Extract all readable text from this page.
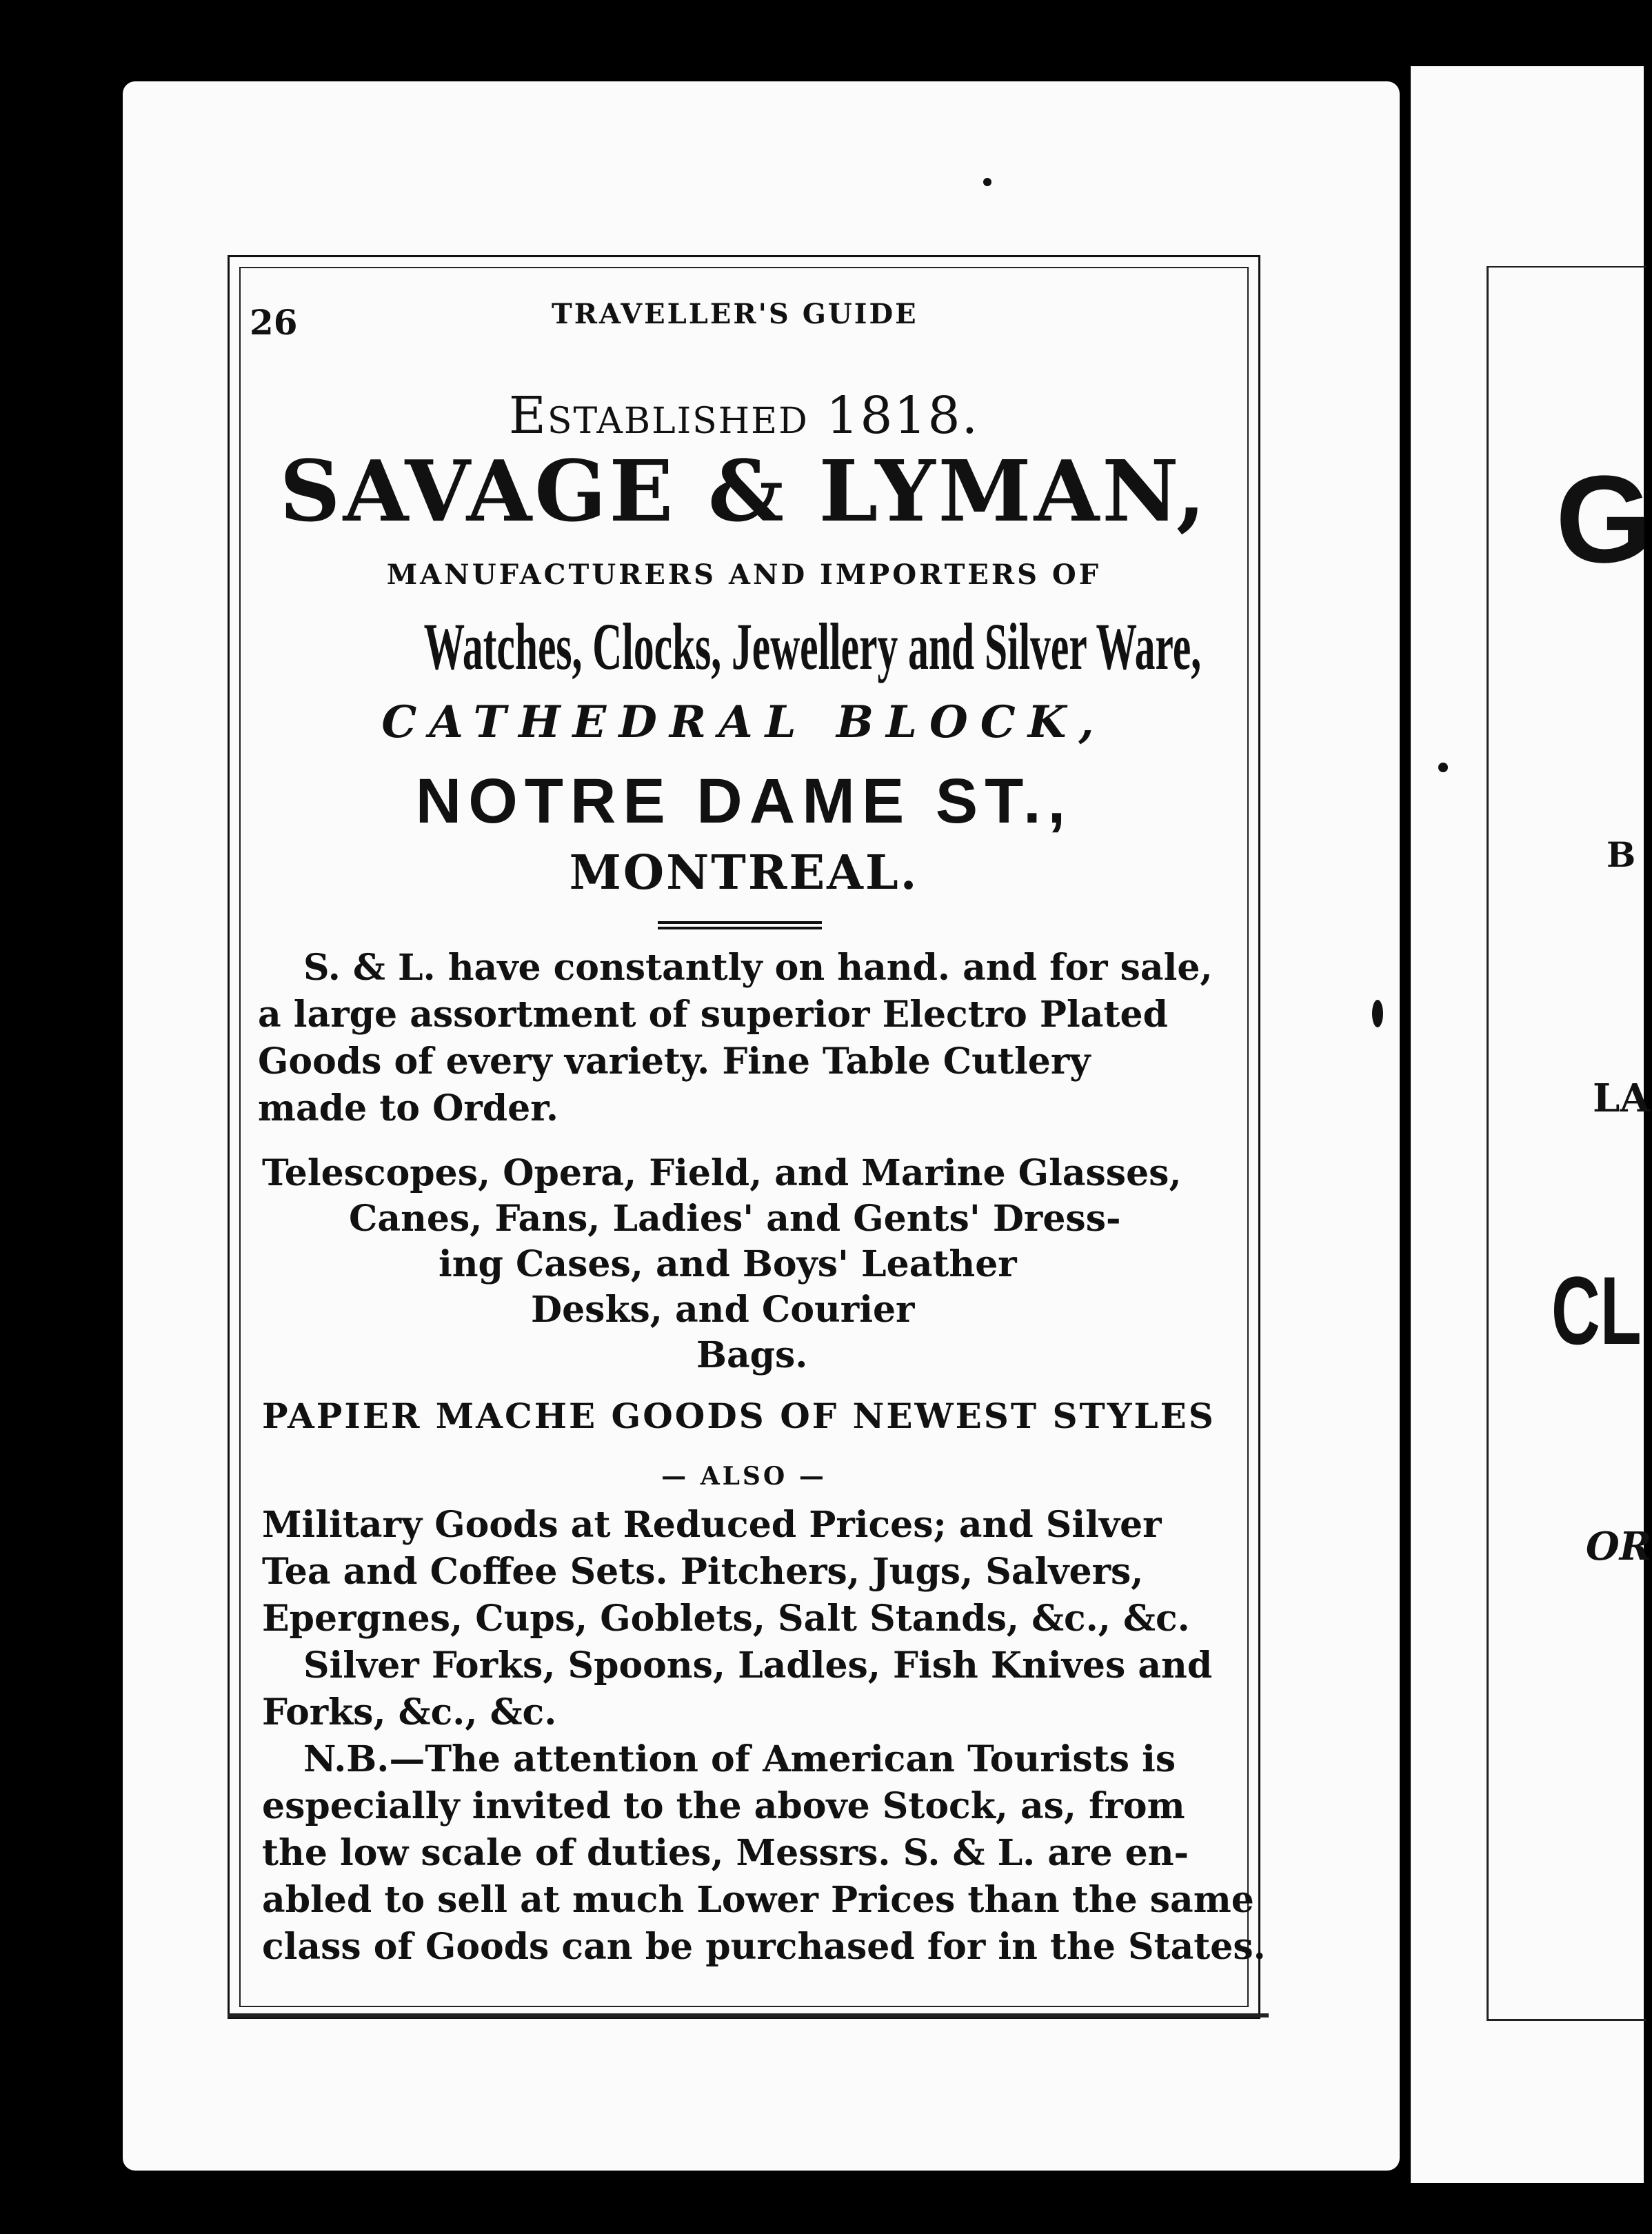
26	TRAVELLER'S GUIDE
Established 1818.
SAVAGE & LYMAN,
MANUFACTURERS AND IMPORTERS OF
Watches, Clocks, Jewellery and Silver Ware,
CATHEDRAL BLOCK,
NOTRE DAME ST.,
MONTREAL.
S. & L. have constantly on hand. and for sale,
a large assortment of superior Electro Plated
Goods of every variety. Fine Table Cutlery
made to Order.
Telescopes, Opera, Field, and Marine Glasses,
Canes, Fans, Ladies' and Gents' Dress-
ing Cases, and Boys' Leather
Desks, and Courier
Bags.
PAPIER MACHE GOODS OF NEWEST STYLES
— ALSO —
Military Goods at Reduced Prices; and Silver
Tea and Coffee Sets. Pitchers, Jugs, Salvers,
Epergnes, Cups, Goblets, Salt Stands, &c., &c.
Silver Forks, Spoons, Ladles, Fish Knives and
Forks, &c., &c.
N.B.—The attention of American Tourists is
especially invited to the above Stock, as, from
the low scale of duties, Messrs. S. & L. are en-
abled to sell at much Lower Prices than the same
class of Goods can be purchased for in the States.
G
B
LA
CL
OR
